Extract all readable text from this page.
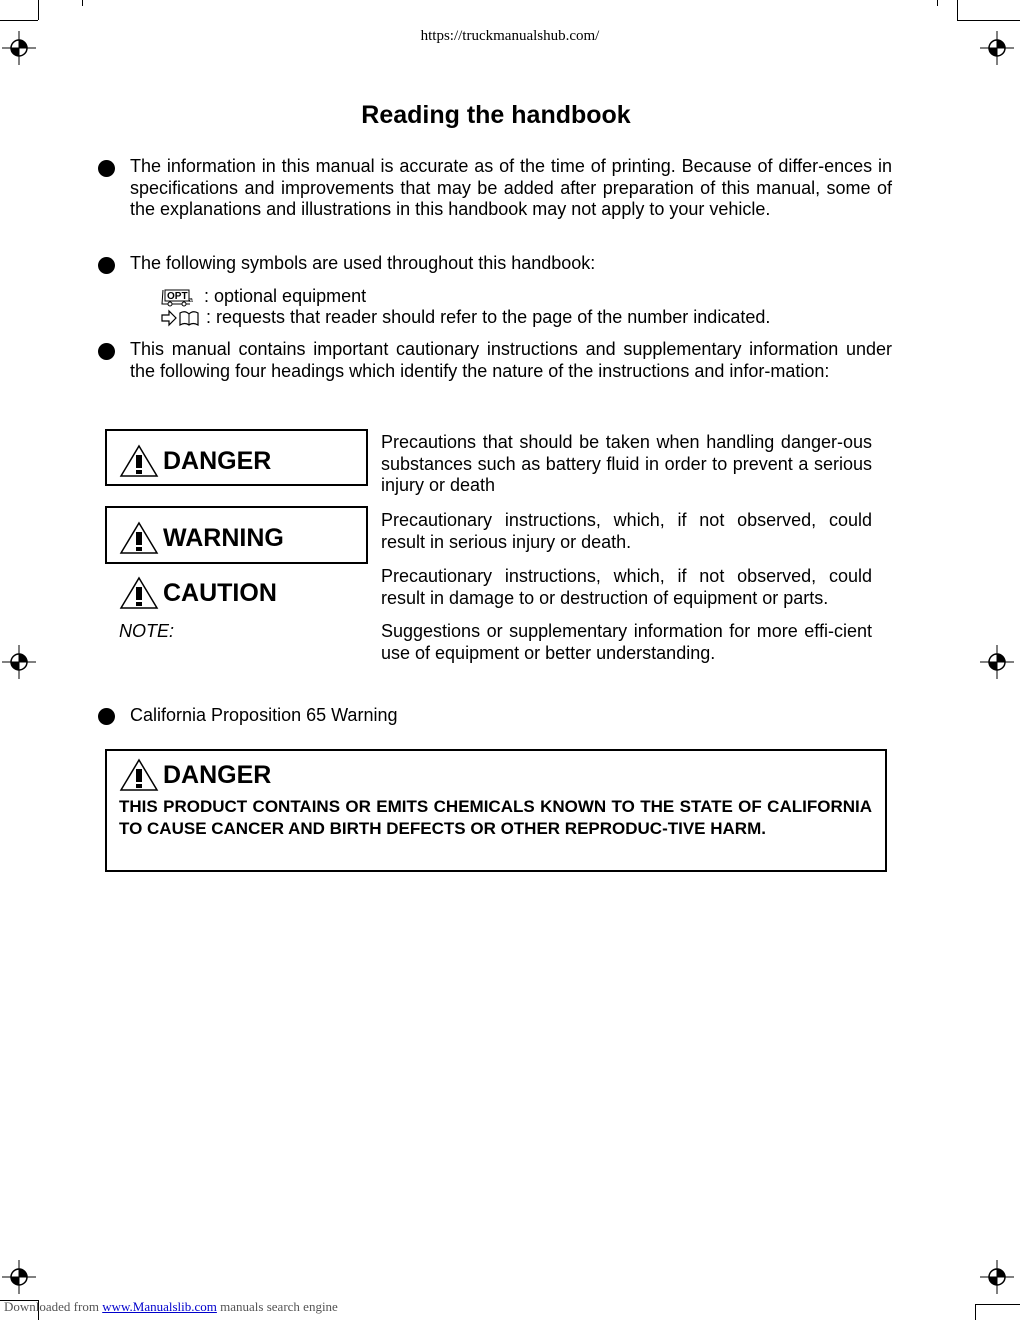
https://truckmanualshub.com/
Reading the handbook
The information in this manual is accurate as of the time of printing. Because of differ-ences in specifications and improvements that may be added after preparation of this manual, some of the explanations and illustrations in this handbook may not apply to your vehicle.
The following symbols are used throughout this handbook:
OPT a : optional equipment
: requests that reader should refer to the page of the number indicated.
This manual contains important cautionary instructions and supplementary information under the following four headings which identify the nature of the instructions and infor-mation:
DANGER
Precautions that should be taken when handling danger-ous substances such as battery fluid in order to prevent a serious injury or death
WARNING
Precautionary instructions, which, if not observed, could result in serious injury or death.
CAUTION
Precautionary instructions, which, if not observed, could result in damage to or destruction of equipment or parts.
NOTE:	Suggestions or supplementary information for more effi-cient use of equipment or better understanding.
California Proposition 65 Warning
DANGER
THIS PRODUCT CONTAINS OR EMITS CHEMICALS KNOWN TO THE STATE OF CALIFORNIA TO CAUSE CANCER AND BIRTH DEFECTS OR OTHER REPRODUC-TIVE HARM.
Downloaded from www.Manualslib.com manuals search engine
